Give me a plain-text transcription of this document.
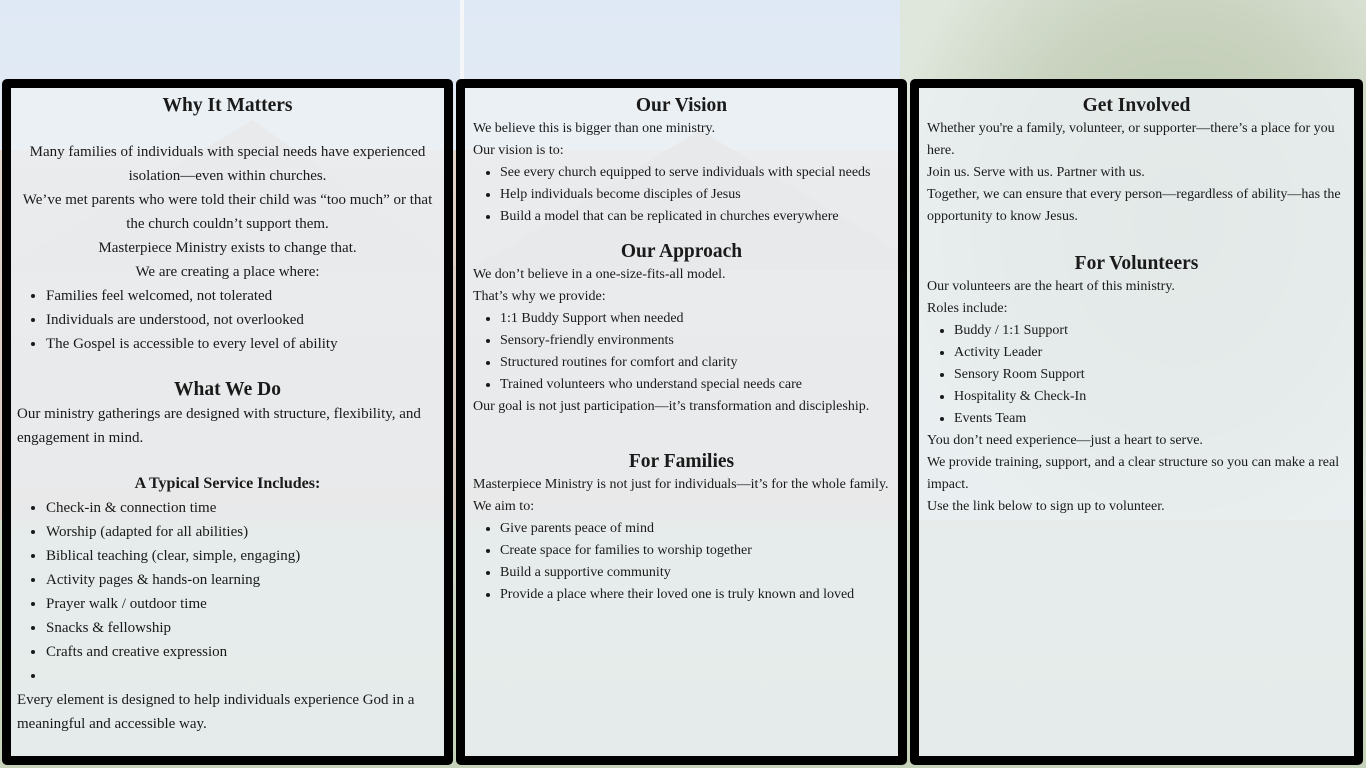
Why It Matters

Many families of individuals with special needs have experienced isolation—even within churches.

We’ve met parents who were told their child was “too much” or that the church couldn’t support them.

Masterpiece Ministry exists to change that.

We are creating a place where:

• Families feel welcomed, not tolerated
• Individuals are understood, not overlooked
• The Gospel is accessible to every level of ability
What We Do

Our ministry gatherings are designed with structure, flexibility, and engagement in mind.

A Typical Service Includes:
• Check-in & connection time
• Worship (adapted for all abilities)
• Biblical teaching (clear, simple, engaging)
• Activity pages & hands-on learning
• Prayer walk / outdoor time
• Snacks & fellowship
• Crafts and creative expression
•

Every element is designed to help individuals experience God in a meaningful and accessible way.

Our Vision

We believe this is bigger than one ministry.

Our vision is to:

• See every church equipped to serve individuals with special needs
• Help individuals become disciples of Jesus
• Build a model that can be replicated in churches everywhere
Our Approach

We don’t believe in a one-size-fits-all model.

That’s why we provide:

• 1:1 Buddy Support when needed
• Sensory-friendly environments
• Structured routines for comfort and clarity
• Trained volunteers who understand special needs care

Our goal is not just participation—it’s transformation and discipleship.

For Families

Masterpiece Ministry is not just for individuals—it’s for the whole family.

We aim to:

• Give parents peace of mind
• Create space for families to worship together
• Build a supportive community
• Provide a place where their loved one is truly known and loved
Get Involved

Whether you're a family, volunteer, or supporter—there’s a place for you here.

Join us. Serve with us. Partner with us.

Together, we can ensure that every person—regardless of ability—has the opportunity to know Jesus.

For Volunteers

Our volunteers are the heart of this ministry.

Roles include:

• Buddy / 1:1 Support
• Activity Leader
• Sensory Room Support
• Hospitality & Check-In
• Events Team

You don’t need experience—just a heart to serve.

We provide training, support, and a clear structure so you can make a real impact.

Use the link below to sign up to volunteer.
